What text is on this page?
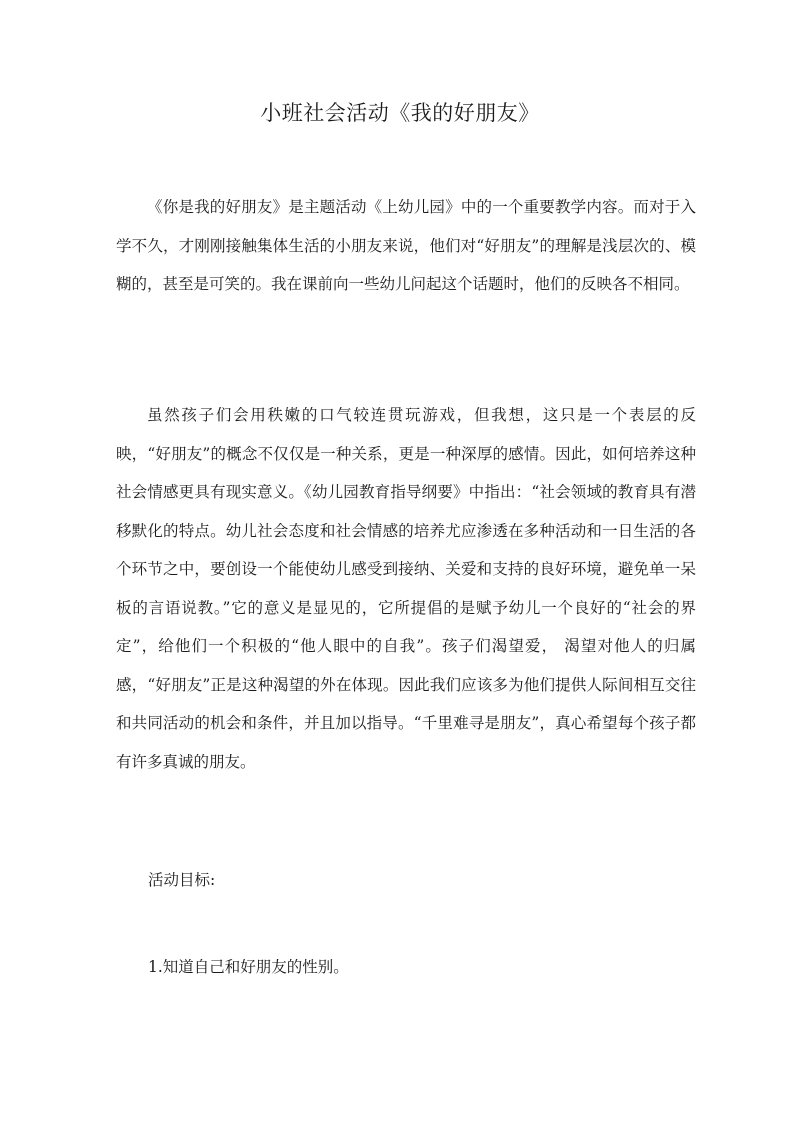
小班社会活动《我的好朋友》

《你是我的好朋友》是主题活动《上幼儿园》中的一个重要教学内容。而对于入学不久，才刚刚接触集体生活的小朋友来说，他们对“好朋友”的理解是浅层次的、模糊的，甚至是可笑的。我在课前向一些幼儿问起这个话题时，他们的反映各不相同。

虽然孩子们会用秩嫩的口气较连贯玩游戏，但我想，这只是一个表层的反映，“好朋友”的概念不仅仅是一种关系，更是一种深厚的感情。因此，如何培养这种社会情感更具有现实意义。《幼儿园教育指导纲要》中指出：“社会领域的教育具有潜移默化的特点。幼儿社会态度和社会情感的培养尤应渗透在多种活动和一日生活的各个环节之中，要创设一个能使幼儿感受到接纳、关爱和支持的良好环境，避免单一呆板的言语说教。”它的意义是显见的，它所提倡的是赋予幼儿一个良好的“社会的界定”，给他们一个积极的“他人眼中的自我”。孩子们渴望爱， 渴望对他人的归属感，“好朋友”正是这种渴望的外在体现。因此我们应该多为他们提供人际间相互交往和共同活动的机会和条件，并且加以指导。“千里难寻是朋友”，真心希望每个孩子都有许多真诚的朋友。

活动目标:

1.知道自己和好朋友的性别。
